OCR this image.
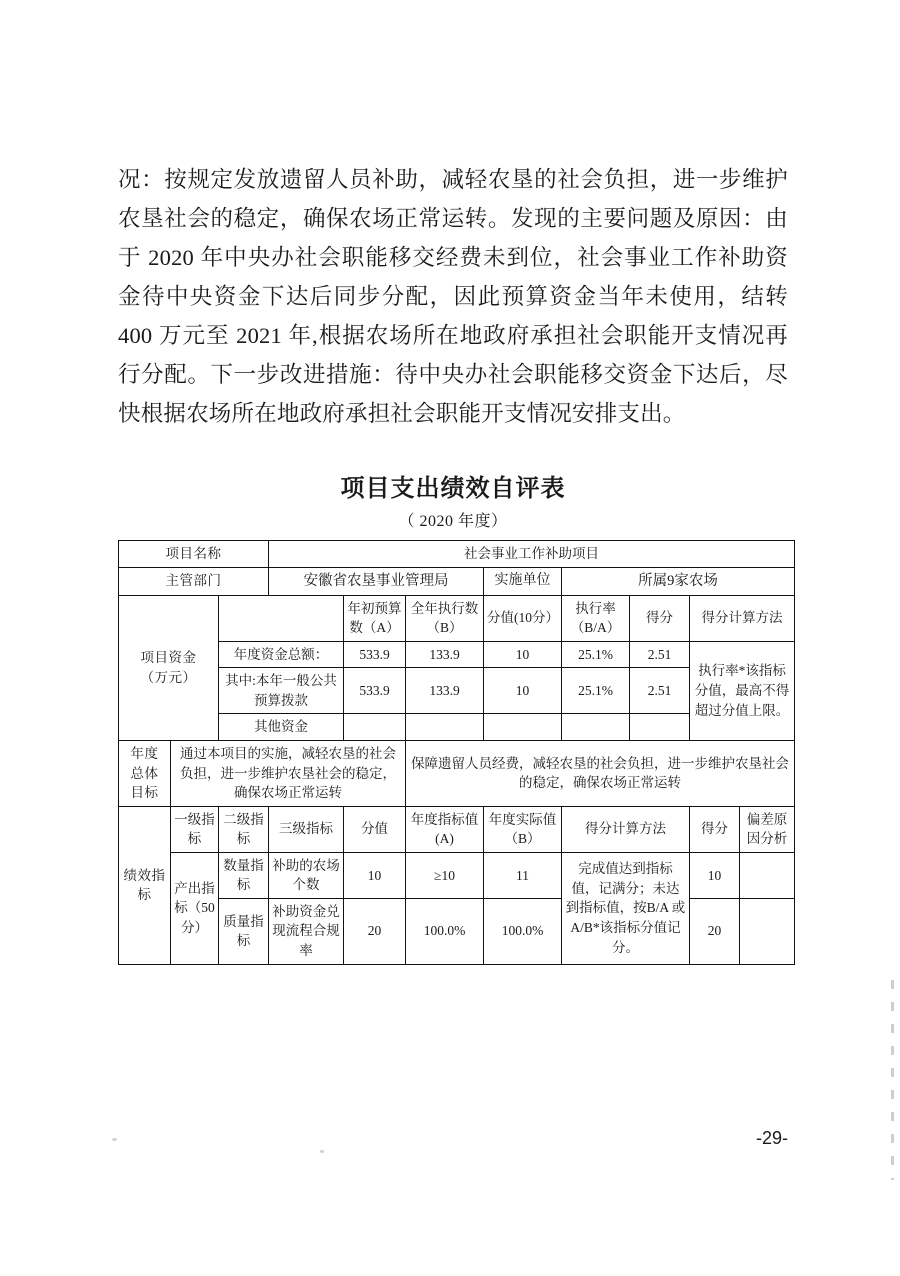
况：按规定发放遗留人员补助，减轻农垦的社会负担，进一步维护农垦社会的稳定，确保农场正常运转。发现的主要问题及原因：由于 2020 年中央办社会职能移交经费未到位，社会事业工作补助资金待中央资金下达后同步分配，因此预算资金当年未使用，结转 400 万元至 2021 年,根据农场所在地政府承担社会职能开支情况再行分配。下一步改进措施：待中央办社会职能移交资金下达后，尽快根据农场所在地政府承担社会职能开支情况安排支出。
项目支出绩效自评表
（ 2020 年度）
项目名称			社会事业工作补助项目							
主管部门			安徽省农垦事业管理局			实施单位	所属9家农场			

项目资金
（万元）				年初预算数（A）	全年执行数（B）	分值(10分）	执行率（B/A）	得分	得分计算方法	
		年度资金总额：		533.9	133.9	10	25.1%	2.51	执行率*该指标分值，最高不得超过分值上限。	
		其中:本年一般公共预算拨款		533.9	133.9	10	25.1%	2.51		
		其他资金								

年度
总体
目标	通过本项目的实施，减轻农垦的社会负担，进一步维护农垦社会的稳定，确保农场正常运转				保障遗留人员经费，减轻农垦的社会负担，进一步维护农垦社会的稳定，确保农场正常运转					
绩效指标	一级指标	二级指标	三级指标	分值	年度指标值(A)	年度实际值（B）	得分计算方法		得分	偏差原因分析
	产出指标（50分）	数量指标	补助的农场个数	10	≥10	11	完成值达到指标值，记满分；未达到指标值，按B/A 或 A/B*该指标分值记分。		10	
		质量指标	补助资金兑现流程合规率	20	100.0%	100.0%			20	
-29-
